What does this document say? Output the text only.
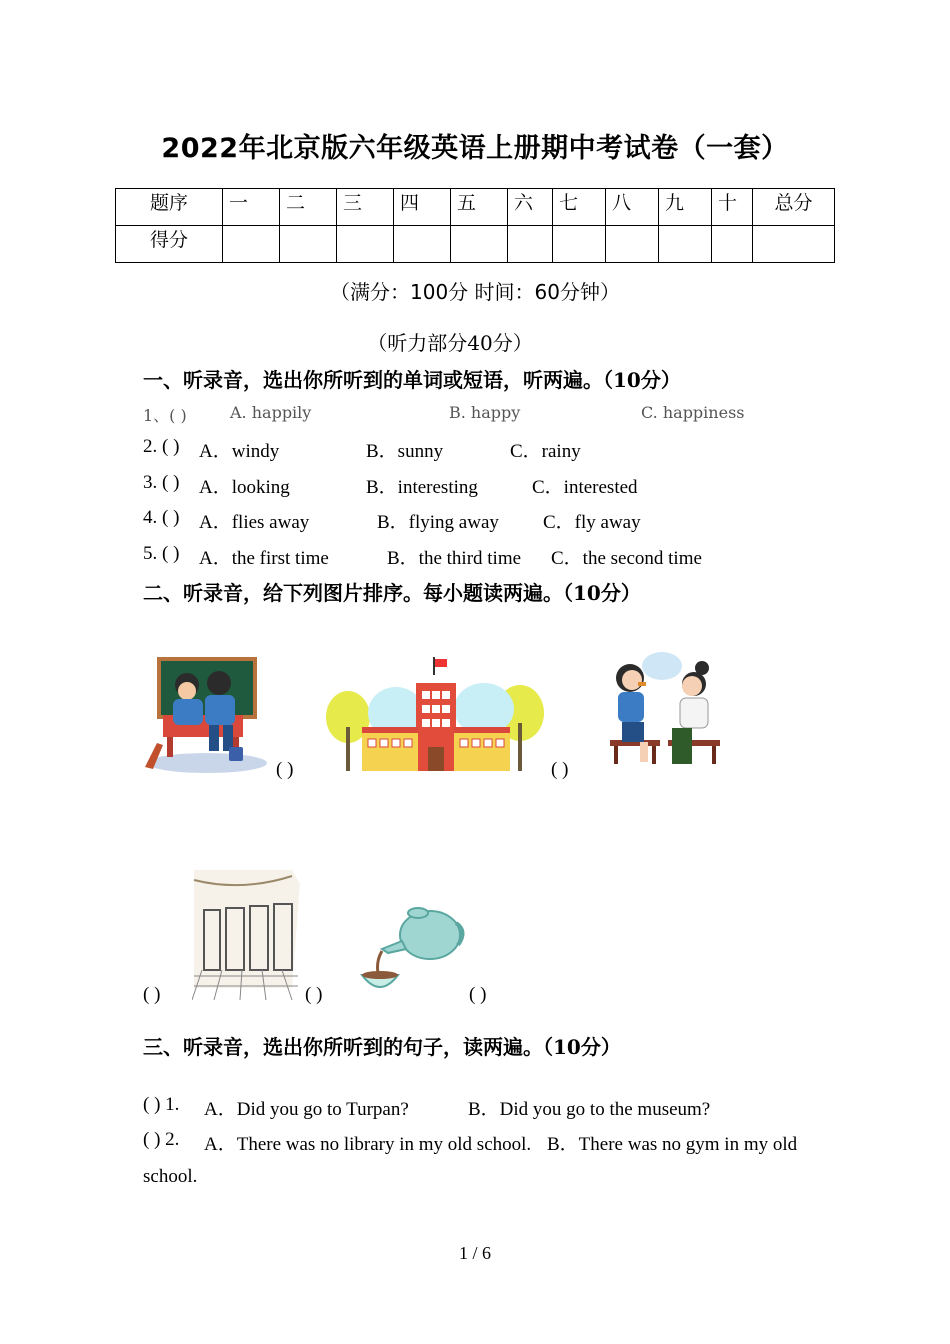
2022年北京版六年级英语上册期中考试卷（一套）
题序	一	二	三	四	五	六	七	八	九	十	总分
得分											
（满分：100分 时间：60分钟）
（听力部分40分）
一、听录音，选出你所听到的单词或短语，听两遍。（10分）
1、( )	A. happily	B. happy	C. happiness
2. ( ) A．windy	B．sunny	C．rainy
3. ( ) A．looking	B．interesting	C．interested
4. ( ) A．flies away	B．flying away C．fly away
5. ( ) A．the first time	B．the third time C．the second time
二、听录音，给下列图片排序。每小题读两遍。（10分）
( )	( )
( )	( )	( )
三、听录音，选出你所听到的句子，读两遍。（10分）
( ) 1. A．Did you go to Turpan?	B．Did you go to the museum?
( ) 2. A．There was no library in my old school. B．There was no gym in my old
school.
1 / 6
